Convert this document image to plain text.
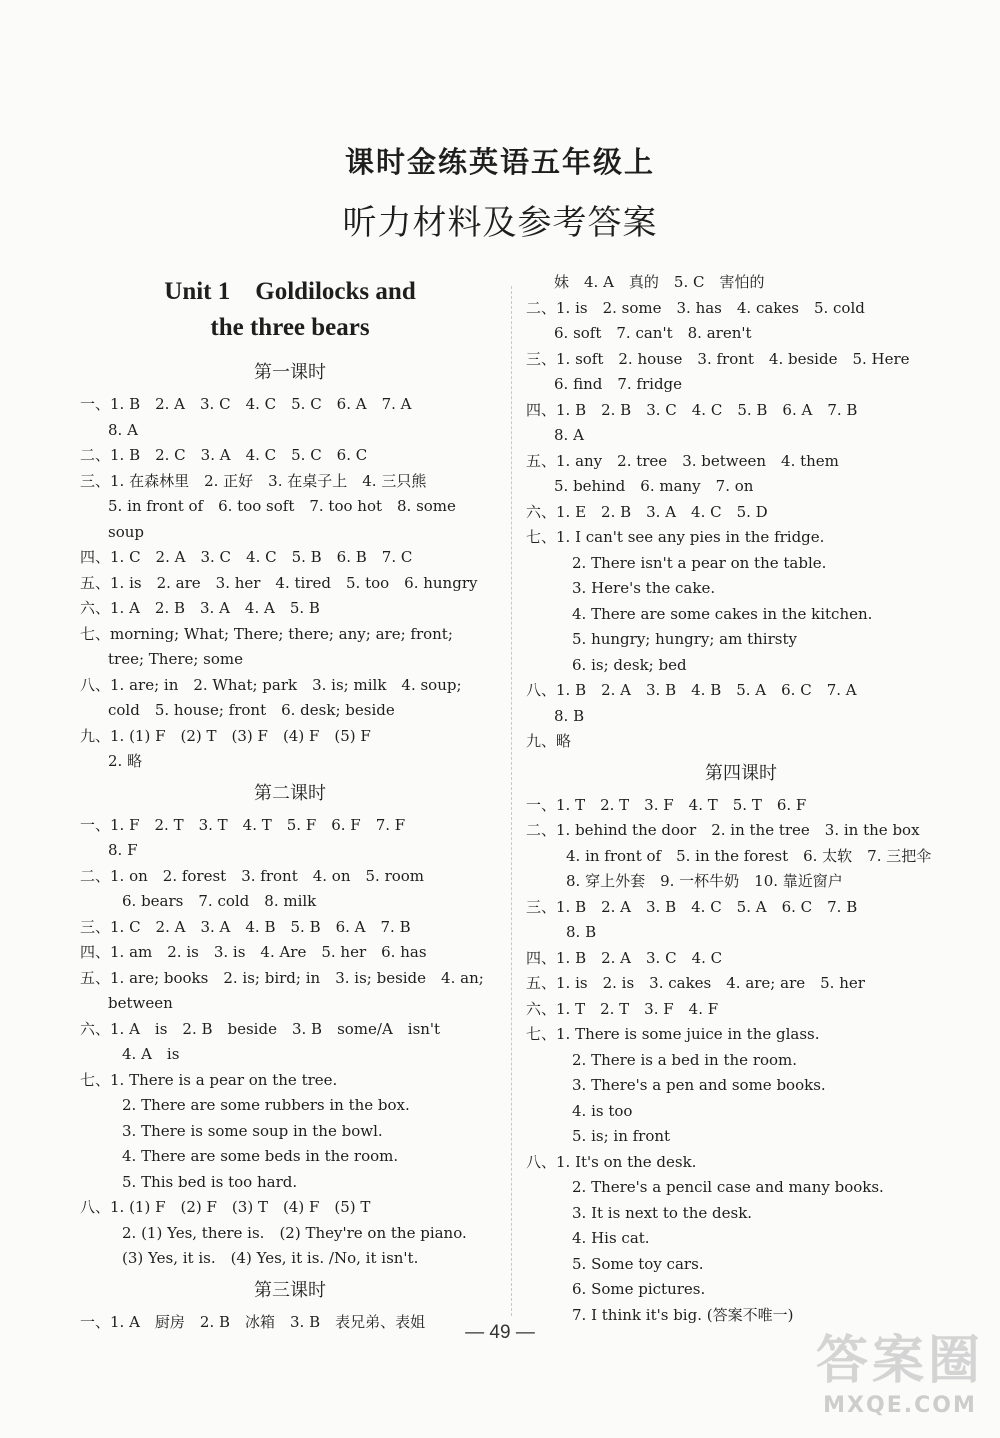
课时金练英语五年级上
听力材料及参考答案
Unit 1　Goldilocks and
the three bears
第一课时
一、1. B　2. A　3. C　4. C　5. C　6. A　7. A
8. A
二、1. B　2. C　3. A　4. C　5. C　6. C
三、1. 在森林里　2. 正好　3. 在桌子上　4. 三只熊
5. in front of　6. too soft　7. too hot　8. some
soup
四、1. C　2. A　3. C　4. C　5. B　6. B　7. C
五、1. is　2. are　3. her　4. tired　5. too　6. hungry
六、1. A　2. B　3. A　4. A　5. B
七、morning; What; There; there; any; are; front;
tree; There; some
八、1. are; in　2. What; park　3. is; milk　4. soup;
cold　5. house; front　6. desk; beside
九、1. (1) F　(2) T　(3) F　(4) F　(5) F
2. 略
第二课时
一、1. F　2. T　3. T　4. T　5. F　6. F　7. F
8. F
二、1. on　2. forest　3. front　4. on　5. room
6. bears　7. cold　8. milk
三、1. C　2. A　3. A　4. B　5. B　6. A　7. B
四、1. am　2. is　3. is　4. Are　5. her　6. has
五、1. are; books　2. is; bird; in　3. is; beside　4. an;
between
六、1. A　is　2. B　beside　3. B　some/A　isn't
4. A　is
七、1. There is a pear on the tree.
2. There are some rubbers in the box.
3. There is some soup in the bowl.
4. There are some beds in the room.
5. This bed is too hard.
八、1. (1) F　(2) F　(3) T　(4) F　(5) T
2. (1) Yes, there is.　(2) They're on the piano.
(3) Yes, it is.　(4) Yes, it is. /No, it isn't.
第三课时
一、1. A　厨房　2. B　冰箱　3. B　表兄弟、表姐
妹　4. A　真的　5. C　害怕的
二、1. is　2. some　3. has　4. cakes　5. cold
6. soft　7. can't　8. aren't
三、1. soft　2. house　3. front　4. beside　5. Here
6. find　7. fridge
四、1. B　2. B　3. C　4. C　5. B　6. A　7. B
8. A
五、1. any　2. tree　3. between　4. them
5. behind　6. many　7. on
六、1. E　2. B　3. A　4. C　5. D
七、1. I can't see any pies in the fridge.
2. There isn't a pear on the table.
3. Here's the cake.
4. There are some cakes in the kitchen.
5. hungry; hungry; am thirsty
6. is; desk; bed
八、1. B　2. A　3. B　4. B　5. A　6. C　7. A
8. B
九、略
第四课时
一、1. T　2. T　3. F　4. T　5. T　6. F
二、1. behind the door　2. in the tree　3. in the box
4. in front of　5. in the forest　6. 太软　7. 三把伞
8. 穿上外套　9. 一杯牛奶　10. 靠近窗户
三、1. B　2. A　3. B　4. C　5. A　6. C　7. B
8. B
四、1. B　2. A　3. C　4. C
五、1. is　2. is　3. cakes　4. are; are　5. her
六、1. T　2. T　3. F　4. F
七、1. There is some juice in the glass.
2. There is a bed in the room.
3. There's a pen and some books.
4. is too
5. is; in front
八、1. It's on the desk.
2. There's a pencil case and many books.
3. It is next to the desk.
4. His cat.
5. Some toy cars.
6. Some pictures.
7. I think it's big. (答案不唯一)
— 49 —	答案圈
MXQE.COM
